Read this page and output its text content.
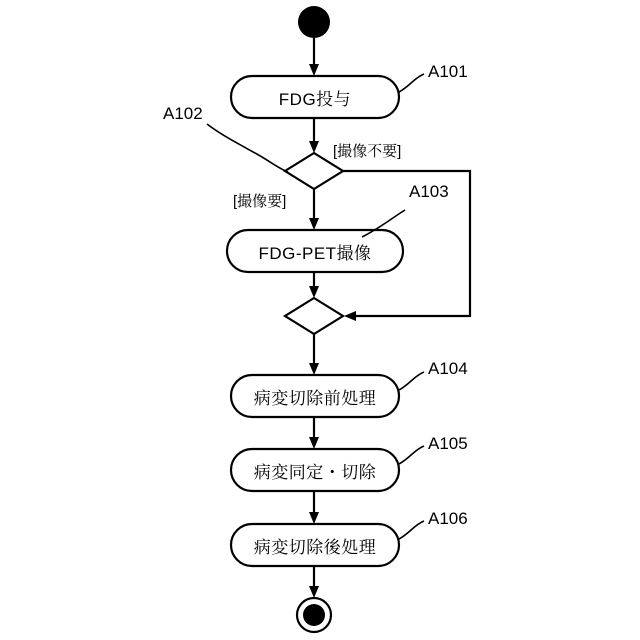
FDG投与
FDG-PET撮像
病変切除前処理
病変同定・切除
病変切除後処理
[撮像不要]
[撮像要]
A101
A102
A103
A104
A105
A106
